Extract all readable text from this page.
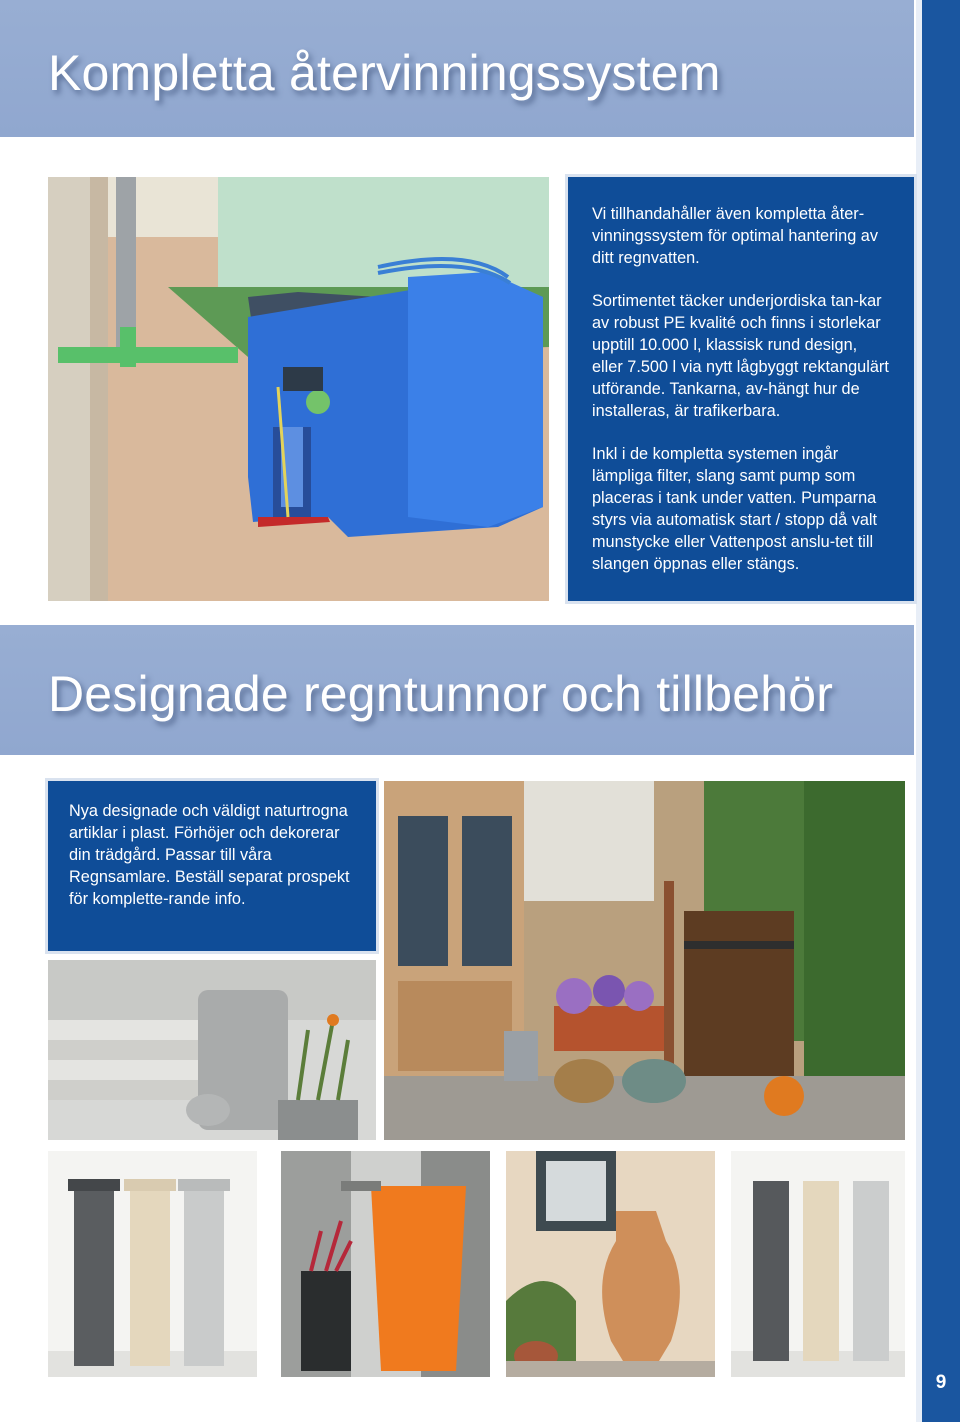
Kompletta återvinningssystem

Vi tillhandahåller även kompletta åter-vinningssystem för optimal hantering av ditt regnvatten.

Sortimentet täcker underjordiska tan-kar av robust PE kvalité och finns i storlekar upptill 10.000 l, klassisk rund design, eller 7.500 l via nytt lågbyggt rektangulärt utförande. Tankarna, av-hängt hur de installeras, är trafikerbara.

Inkl i de kompletta systemen ingår lämpliga filter, slang samt pump som placeras i tank under vatten. Pumparna styrs via automatisk start / stopp då valt munstycke eller Vattenpost anslu-tet till slangen öppnas eller stängs.

Designade regntunnor och tillbehör

Nya designade och väldigt naturtrogna artiklar i plast. Förhöjer och dekorerar din trädgård. Passar till våra Regnsamlare. Beställ separat prospekt för komplette-rande info.

9
